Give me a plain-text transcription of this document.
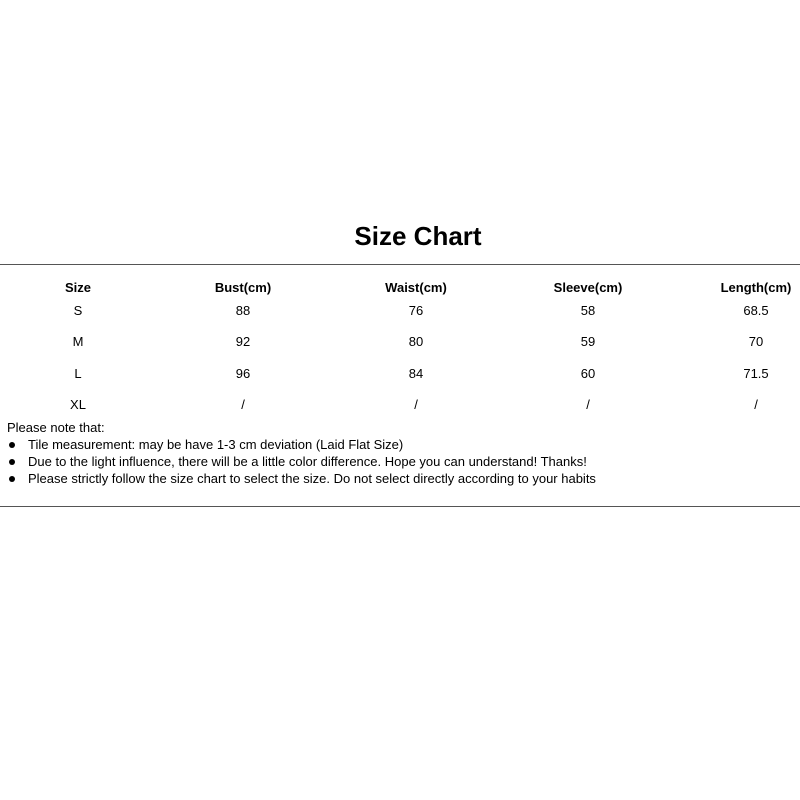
Size Chart
Size	Bust(cm)	Waist(cm)	Sleeve(cm)	Length(cm)
S	88	76	58	68.5
M	92	80	59	70
L	96	84	60	71.5
XL	/	/	/	/
Please note that:
Tile measurement: may be have 1-3 cm deviation (Laid Flat Size)
Due to the light influence, there will be a little color difference. Hope you can understand! Thanks!
Please strictly follow the size chart to select the size. Do not select directly according to your habits
